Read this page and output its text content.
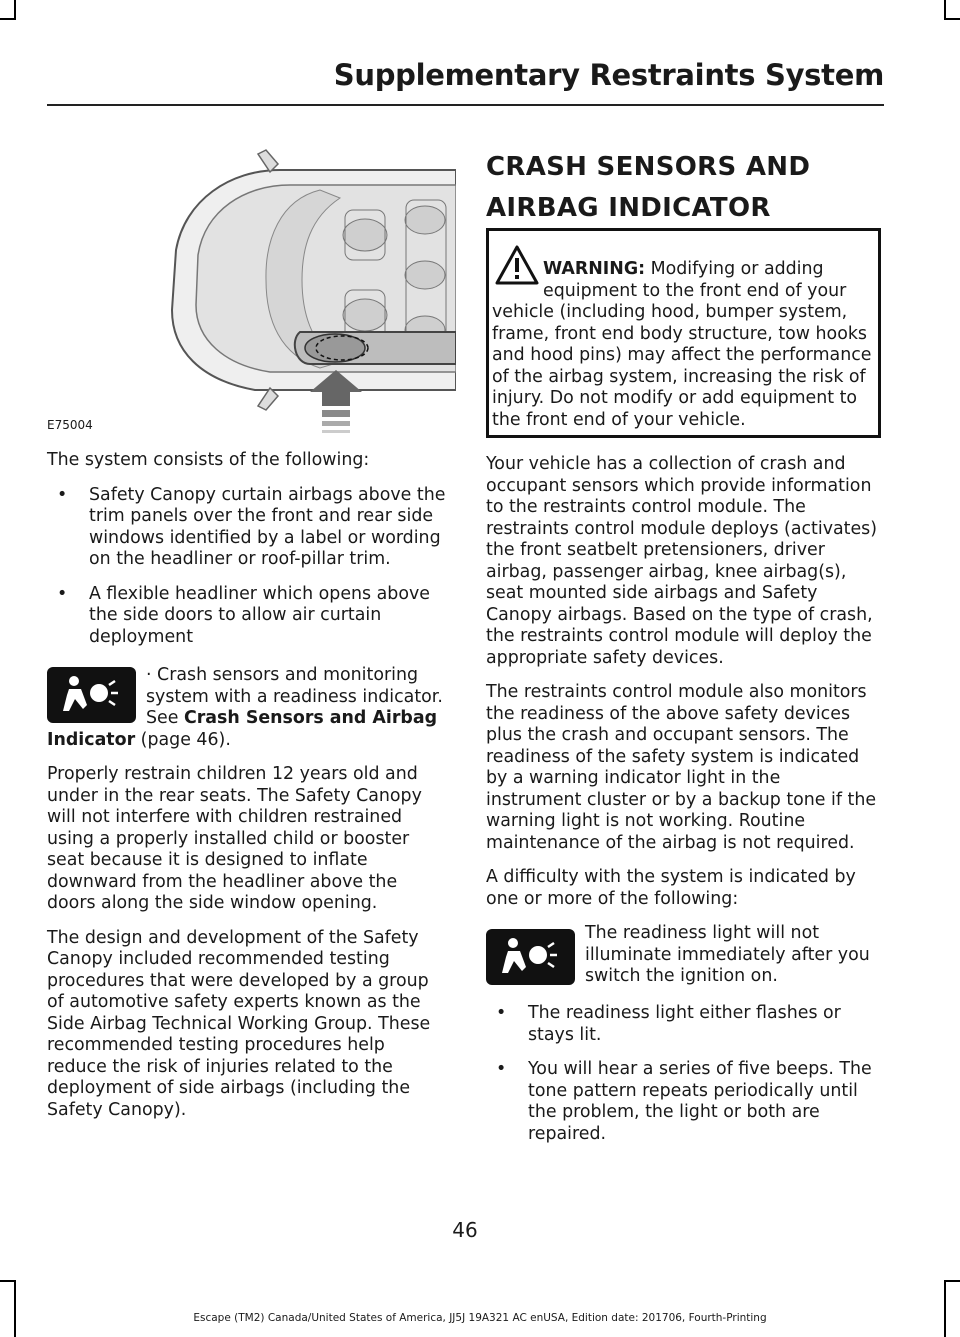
Supplementary Restraints System
E75004

The system consists of the following:

• Safety Canopy curtain airbags above the trim panels over the front and rear side windows identified by a label or wording on the headliner or roof-pillar trim.
• A flexible headliner which opens above the side doors to allow air curtain deployment
· Crash sensors and monitoring system with a readiness indicator. See Crash Sensors and Airbag Indicator (page 46).

Properly restrain children 12 years old and under in the rear seats. The Safety Canopy will not interfere with children restrained using a properly installed child or booster seat because it is designed to inflate downward from the headliner above the doors along the side window opening.

The design and development of the Safety Canopy included recommended testing procedures that were developed by a group of automotive safety experts known as the Side Airbag Technical Working Group. These recommended testing procedures help reduce the risk of injuries related to the deployment of side airbags (including the Safety Canopy).

CRASH SENSORS AND
AIRBAG INDICATOR
WARNING: Modifying or adding equipment to the front end of your vehicle (including hood, bumper system, frame, front end body structure, tow hooks and hood pins) may affect the performance of the airbag system, increasing the risk of injury. Do not modify or add equipment to the front end of your vehicle.

Your vehicle has a collection of crash and occupant sensors which provide information to the restraints control module. The restraints control module deploys (activates) the front seatbelt pretensioners, driver airbag, passenger airbag, knee airbag(s), seat mounted side airbags and Safety Canopy airbags. Based on the type of crash, the restraints control module will deploy the appropriate safety devices.

The restraints control module also monitors the readiness of the above safety devices plus the crash and occupant sensors. The readiness of the safety system is indicated by a warning indicator light in the instrument cluster or by a backup tone if the warning light is not working. Routine maintenance of the airbag is not required.

A difficulty with the system is indicated by one or more of the following:

The readiness light will not illuminate immediately after you switch the ignition on.
• The readiness light either flashes or stays lit.
• You will hear a series of five beeps. The tone pattern repeats periodically until the problem, the light or both are repaired.
46
Escape (TM2) Canada/United States of America, JJ5J 19A321 AC enUSA, Edition date: 201706, Fourth-Printing
